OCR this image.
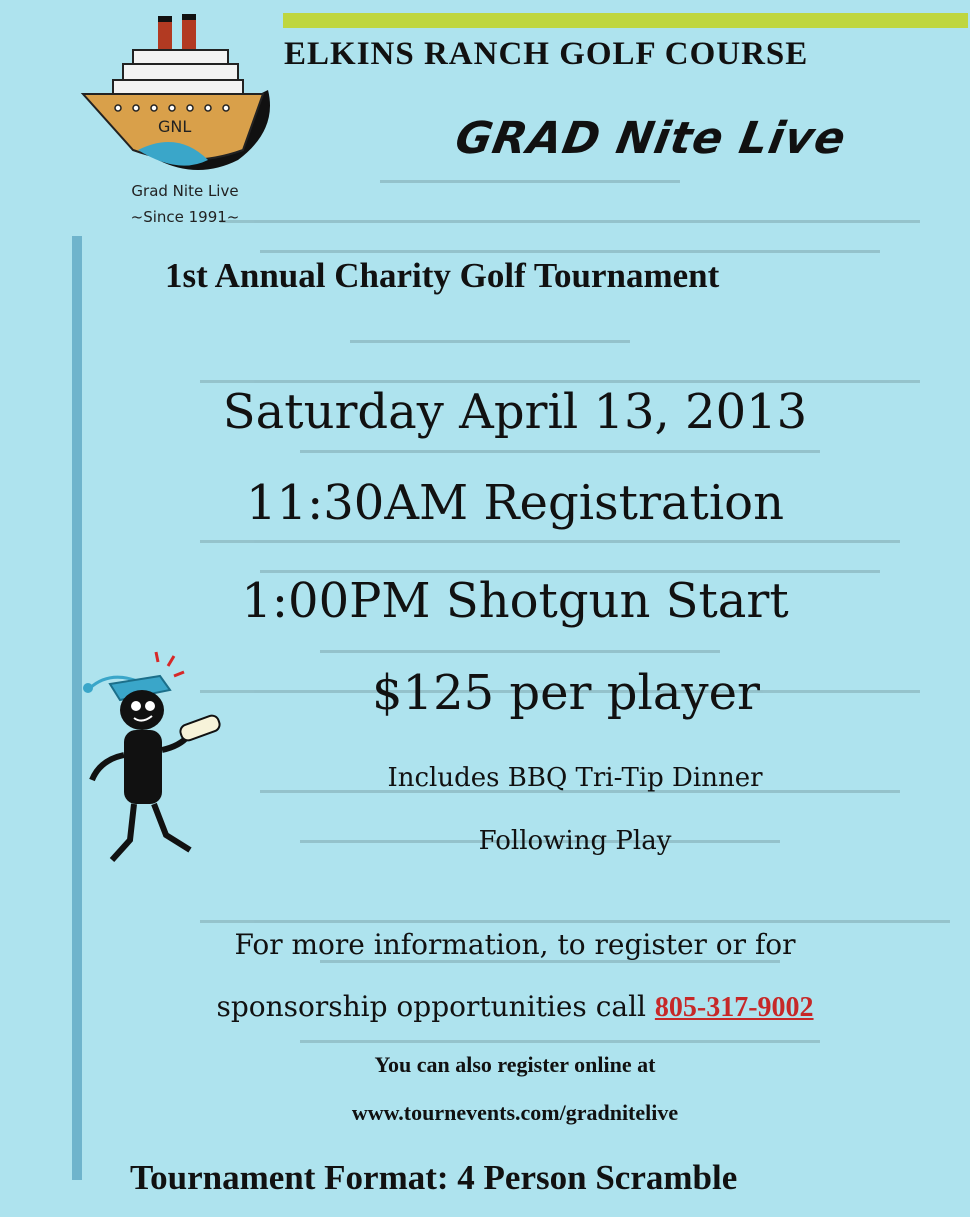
GNL
Grad Nite Live
~Since 1991~
ELKINS RANCH GOLF COURSE
GRAD Nite Live
1st Annual Charity Golf Tournament
Saturday April 13, 2013
11:30AM Registration
1:00PM Shotgun Start
$125 per player
Includes BBQ Tri-Tip Dinner
Following Play
For more information, to register or for
sponsorship opportunities call 805-317-9002
You can also register online at
www.tournevents.com/gradnitelive
Tournament Format: 4 Person Scramble
